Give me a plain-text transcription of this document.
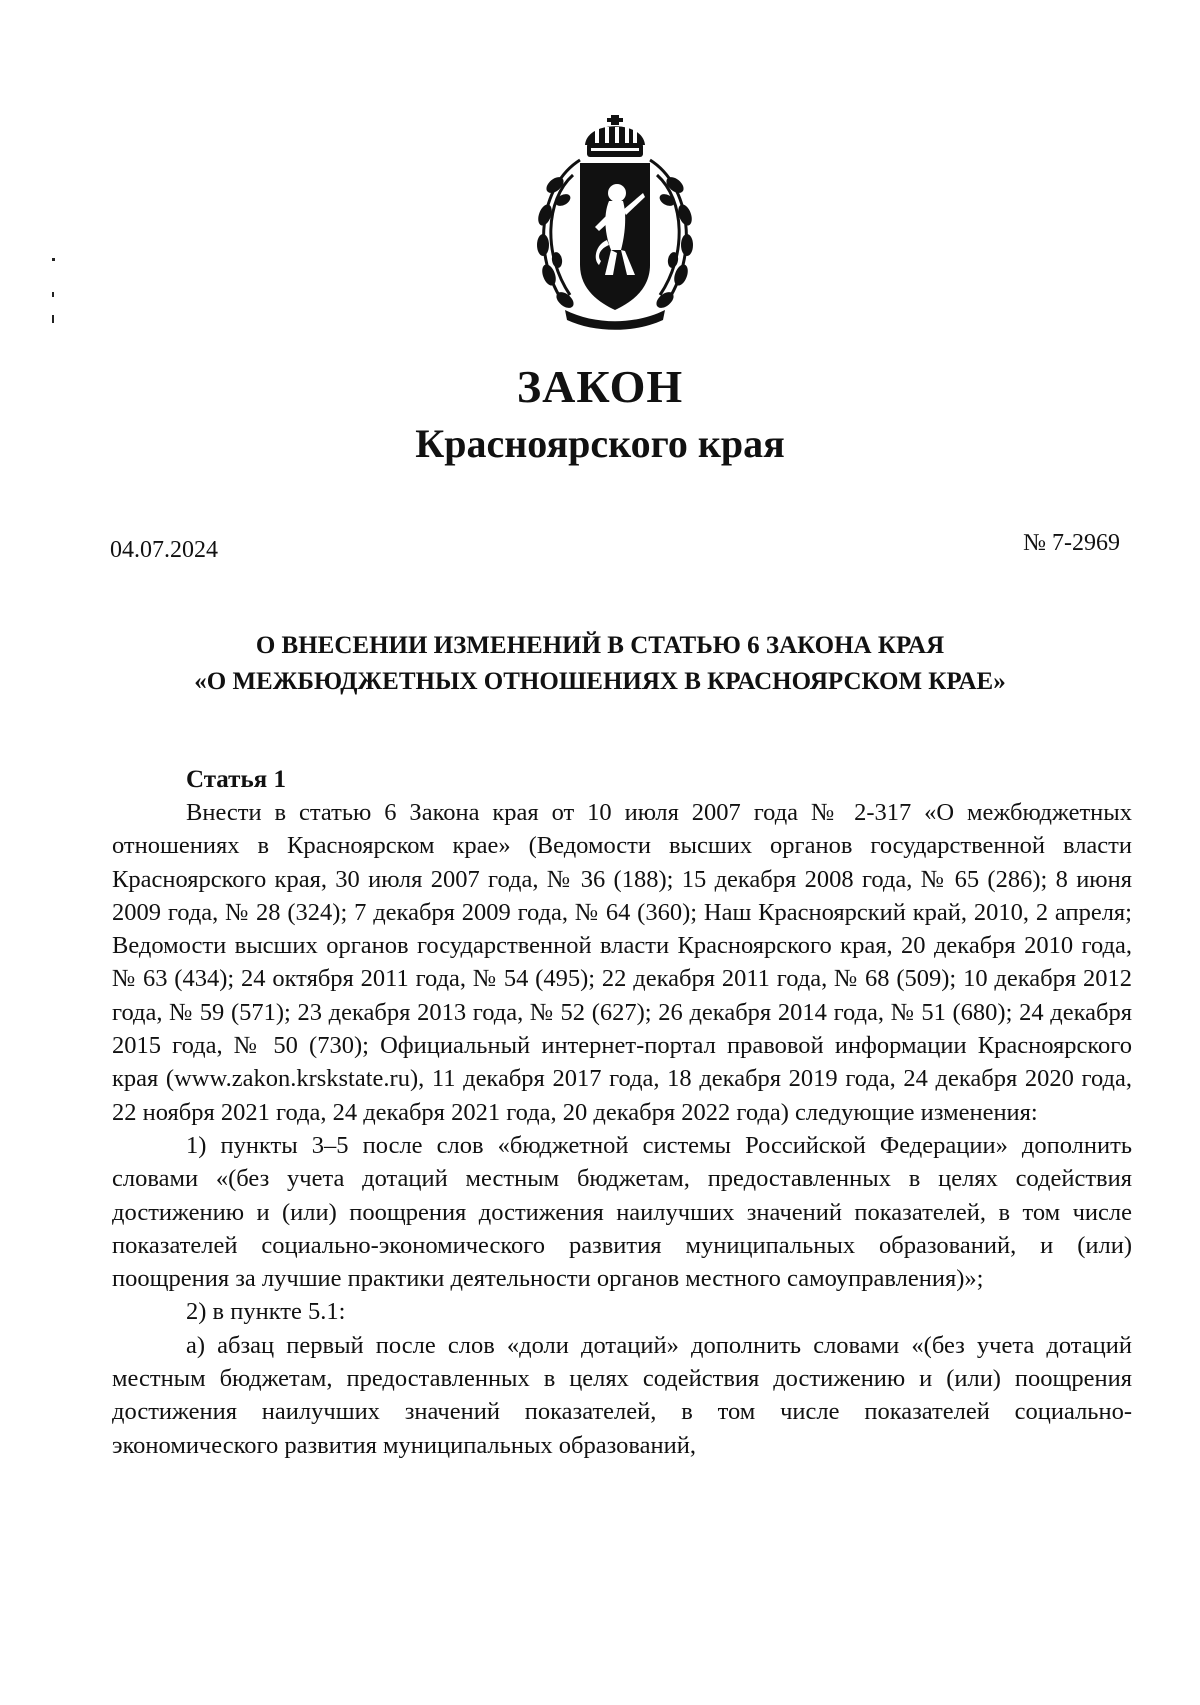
ЗАКОН
Красноярского края
04.07.2024	№ 7-2969
О ВНЕСЕНИИ ИЗМЕНЕНИЙ В СТАТЬЮ 6 ЗАКОНА КРАЯ
«О МЕЖБЮДЖЕТНЫХ ОТНОШЕНИЯХ В КРАСНОЯРСКОМ КРАЕ»
Статья 1

Внести в статью 6 Закона края от 10 июля 2007 года № 2-317 «О межбюджетных отношениях в Красноярском крае» (Ведомости высших органов государственной власти Красноярского края, 30 июля 2007 года, № 36 (188); 15 декабря 2008 года, № 65 (286); 8 июня 2009 года, № 28 (324); 7 декабря 2009 года, № 64 (360); Наш Красноярский край, 2010, 2 апреля; Ведомости высших органов государственной власти Красноярского края, 20 декабря 2010 года, № 63 (434); 24 октября 2011 года, № 54 (495); 22 декабря 2011 года, № 68 (509); 10 декабря 2012 года, № 59 (571); 23 декабря 2013 года, № 52 (627); 26 декабря 2014 года, № 51 (680); 24 декабря 2015 года, № 50 (730); Официальный интернет-портал правовой информации Красноярского края (www.zakon.krskstate.ru), 11 декабря 2017 года, 18 декабря 2019 года, 24 декабря 2020 года, 22 ноября 2021 года, 24 декабря 2021 года, 20 декабря 2022 года) следующие изменения:

1) пункты 3–5 после слов «бюджетной системы Российской Федерации» дополнить словами «(без учета дотаций местным бюджетам, предоставленных в целях содействия достижению и (или) поощрения достижения наилучших значений показателей, в том числе показателей социально-экономического развития муниципальных образований, и (или) поощрения за лучшие практики деятельности органов местного самоуправления)»;

2) в пункте 5.1:

а) абзац первый после слов «доли дотаций» дополнить словами «(без учета дотаций местным бюджетам, предоставленных в целях содействия достижению и (или) поощрения достижения наилучших значений показателей, в том числе показателей социально-экономического развития муниципальных образований,
